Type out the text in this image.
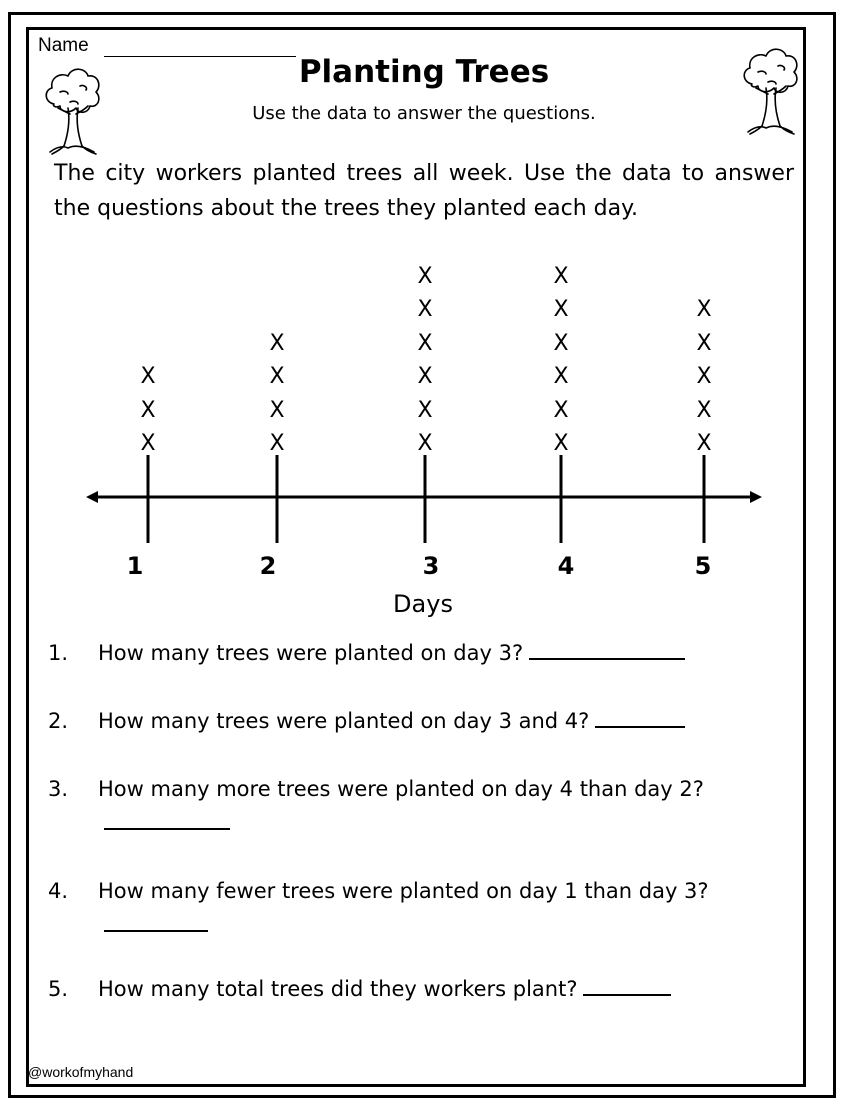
Name
Planting Trees
Use the data to answer the questions.
The city workers planted trees all week. Use the data to answer the questions about the trees they planted each day.
X
X
X
X
X
X
X
X
X
X
X
X
X
X
X
X
X
X
X
X
X
X
X
X
1	2	3	4	5
Days
1.	How many trees were planted on day 3?
2.	How many trees were planted on day 3 and 4?
3.	How many more trees were planted on day 4 than day 2?
4.	How many fewer trees were planted on day 1 than day 3?
5.	How many total trees did they workers plant?
@workofmyhand
